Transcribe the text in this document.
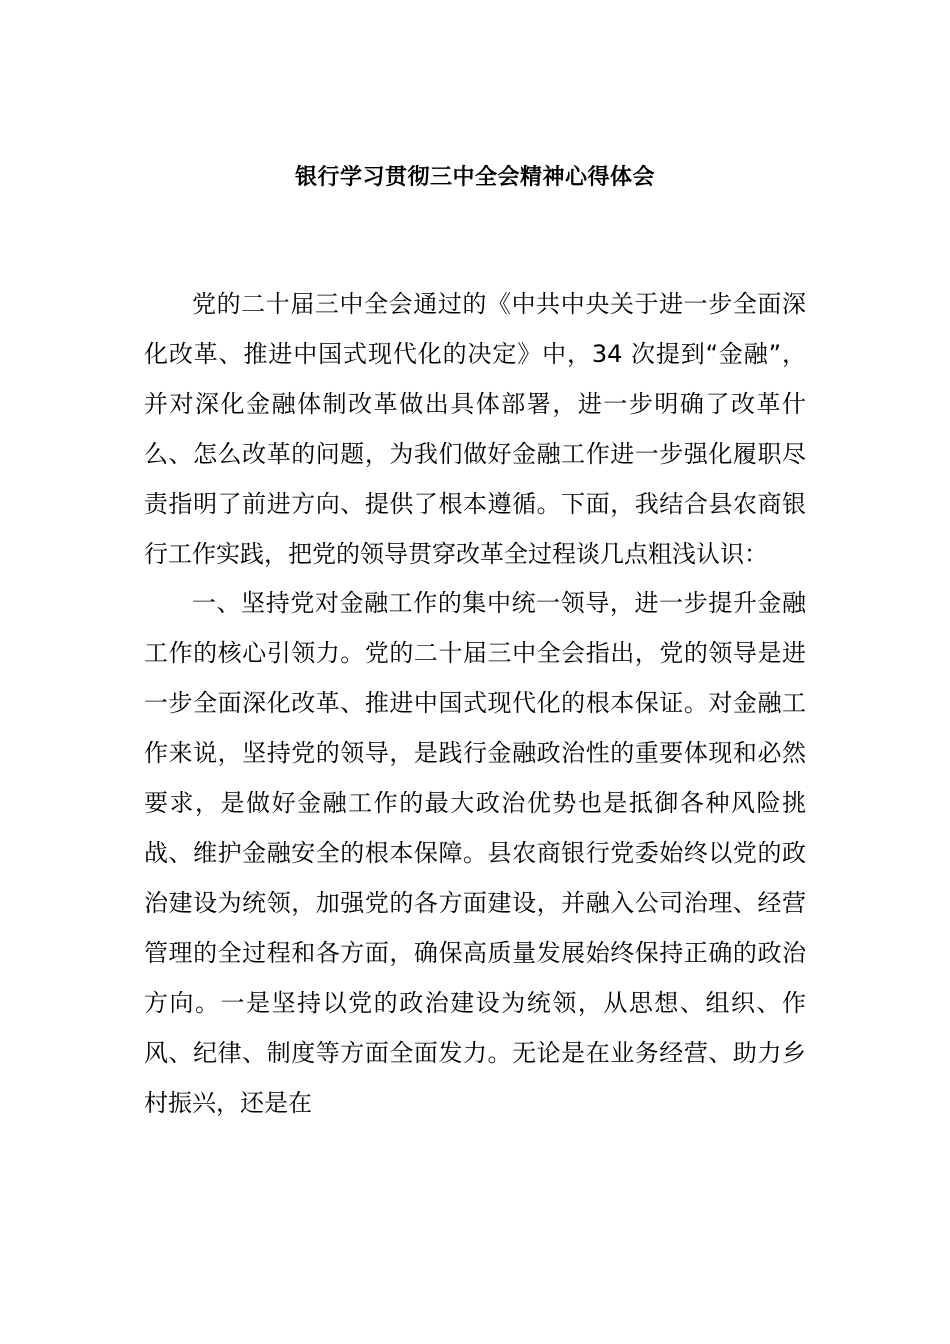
银行学习贯彻三中全会精神心得体会

党的二十届三中全会通过的《中共中央关于进一步全面深化改革、推进中国式现代化的决定》中，34 次提到“金融”，并对深化金融体制改革做出具体部署，进一步明确了改革什么、怎么改革的问题，为我们做好金融工作进一步强化履职尽责指明了前进方向、提供了根本遵循。下面，我结合县农商银行工作实践，把党的领导贯穿改革全过程谈几点粗浅认识：

一、坚持党对金融工作的集中统一领导，进一步提升金融工作的核心引领力。党的二十届三中全会指出，党的领导是进一步全面深化改革、推进中国式现代化的根本保证。对金融工作来说，坚持党的领导，是践行金融政治性的重要体现和必然要求，是做好金融工作的最大政治优势也是抵御各种风险挑战、维护金融安全的根本保障。县农商银行党委始终以党的政治建设为统领，加强党的各方面建设，并融入公司治理、经营管理的全过程和各方面，确保高质量发展始终保持正确的政治方向。一是坚持以党的政治建设为统领，从思想、组织、作风、纪律、制度等方面全面发力。无论是在业务经营、助力乡村振兴，还是在
